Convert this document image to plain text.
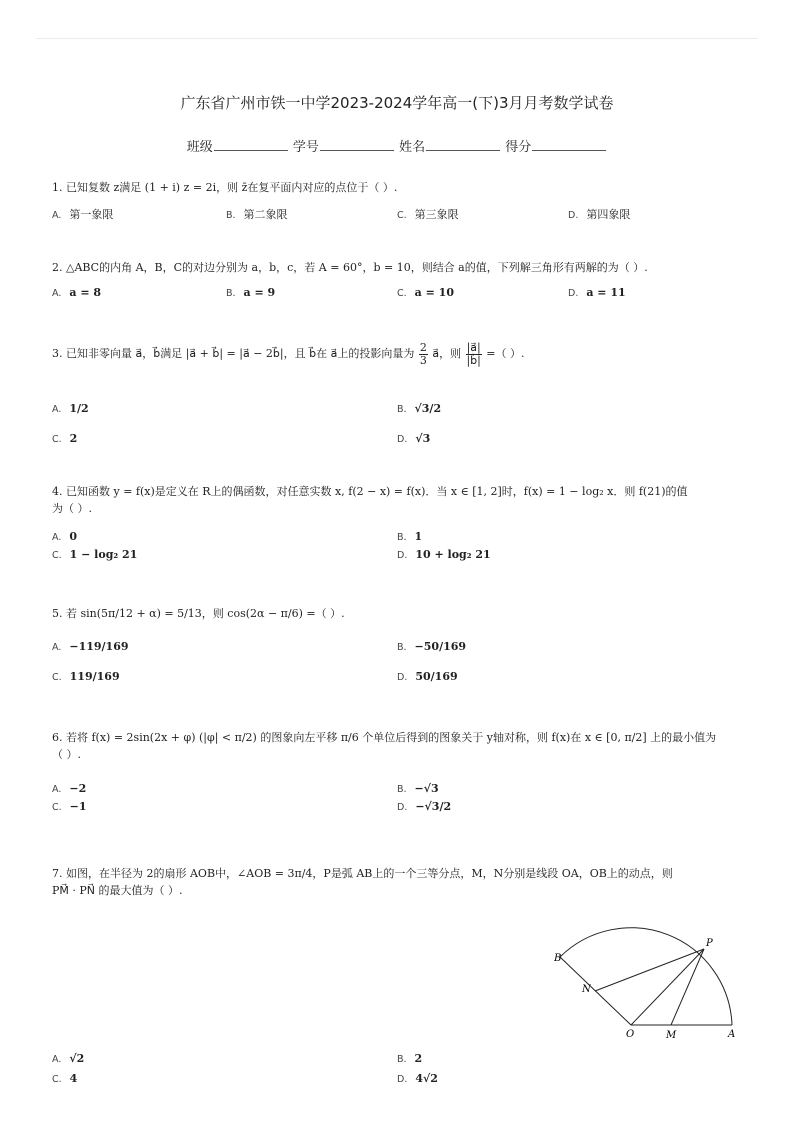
广东省广州市铁一中学2023-2024学年高一(下)3月月考数学试卷
班级	学号	姓名	得分
1. 已知复数 z满足 (1 + i) z = 2i，则 z̄在复平面内对应的点位于（ ）.
A. 第一象限	B. 第二象限	C. 第三象限	D. 第四象限
2. △ABC的内角 A，B，C的对边分别为 a，b，c，若 A = 60°，b = 10，则结合 a的值，下列解三角形有两解的为（ ）.
A. a = 8	B. a = 9	C. a = 10	D. a = 11
3. 已知非零向量 a⃗，b⃗满足 |a⃗ + b⃗| = |a⃗ − 2b⃗|，且 b⃗在 a⃗上的投影向量为 $\frac{2}{3}$ a⃗，则 $\frac{|a⃗|}{|b⃗|}$ =（ ）.
A. 1/2	B. √3/2
C. 2	D. √3
4. 已知函数 y = f(x)是定义在 R上的偶函数，对任意实数 x, f(2 − x) = f(x)．当 x ∈ [1, 2]时，f(x) = 1 − log₂ x．则 f(21)的值
为（ ）.
A. 0	B. 1
C. 1 − log₂ 21	D. 10 + log₂ 21
5. 若 sin(5π/12 + α) = 5/13，则 cos(2α − π/6) =（ ）.
A. −119/169	B. −50/169
C. 119/169	D. 50/169
6. 若将 f(x) = 2sin(2x + φ) (|φ| < π/2) 的图象向左平移 π/6 个单位后得到的图象关于 y轴对称，则 f(x)在 x ∈ [0, π/2] 上的最小值为
（ ）.
A. −2	B. −√3
C. −1	D. −√3/2
7. 如图，在半径为 2的扇形 AOB中，∠AOB = 3π/4，P是弧 AB上的一个三等分点，M，N分别是线段 OA，OB上的动点，则
PM⃗ · PN⃗ 的最大值为（ ）.
B
P
N
O	M	A
A. √2	B. 2
C. 4	D. 4√2
